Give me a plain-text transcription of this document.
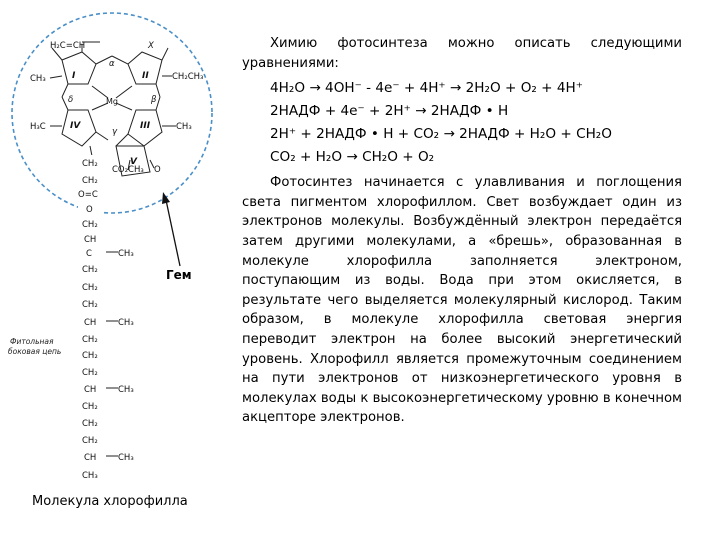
H₂C=CH	X
CH₃	CH₂CH₃
CH₃
H₃C
CO₂CH₃ O
Mg
I	II
III
IV
V
α
β
γ
δ
CH₂
CH₂
O=C
O
CH₂
CH
C
CH₂
CH₂
CH₂
CH
CH₂
CH₂
CH₂
CH
CH₂
CH₂
CH₂
CH
CH₃
CH₃
CH₃
CH₃
CH₃
Фитольная
боковая цепь
Гем
Молекула хлорофилла

Химию фотосинтеза можно описать следующими уравнениями:

4H₂O → 4OH⁻ - 4e⁻ + 4H⁺ → 2H₂O + O₂ + 4H⁺
2НАДФ + 4e⁻ + 2H⁺ → 2НАДФ • Н
2H⁺ + 2НАДФ • Н + СО₂ → 2НАДФ + Н₂О + СН₂О
СО₂ + Н₂О → СН₂О + О₂

Фотосинтез начинается с улавливания и поглощения света пигментом хлорофиллом. Свет возбуждает один из электронов молекулы. Возбуждённый электрон передаётся затем другими молекулами, а «брешь», образованная в молекуле хлорофилла заполняется электроном, поступающим из воды. Вода при этом окисляется, в результате чего выделяется молекулярный кислород. Таким образом, в молекуле хлорофилла световая энергия переводит электрон на более высокий энергетический уровень. Хлорофилл является промежуточным соединением на пути электронов от низкоэнергетического уровня в молекулах воды к высокоэнергетическому уровню в конечном акцепторе электронов.
